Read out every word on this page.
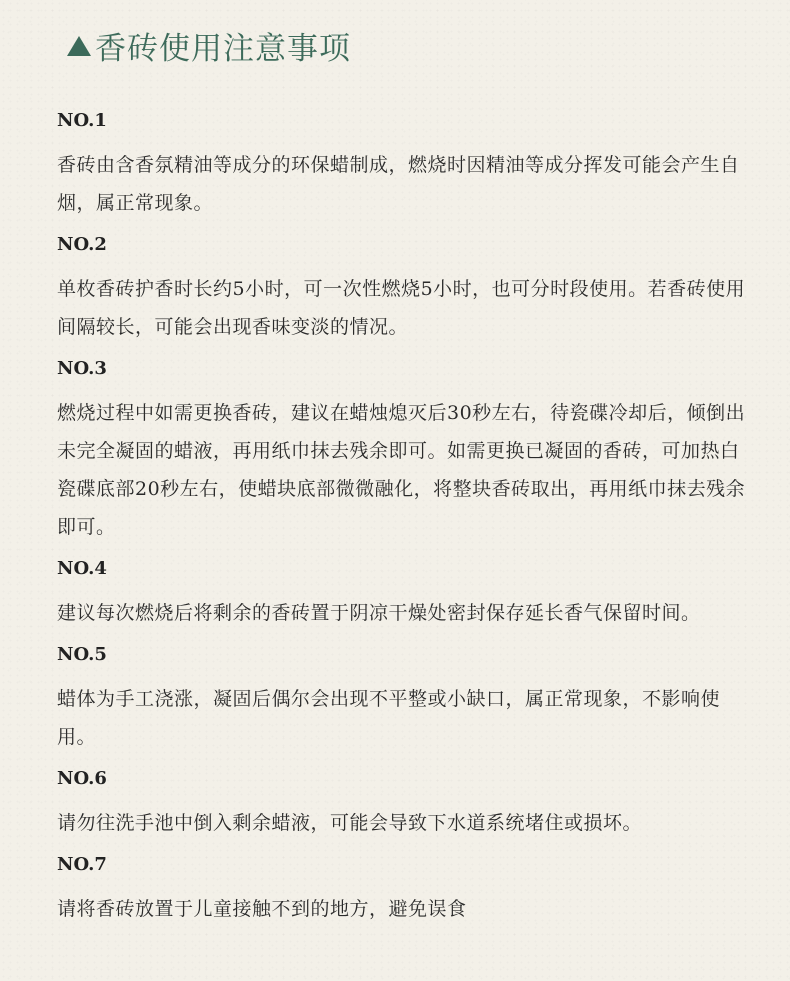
香砖使用注意事项
NO.1
香砖由含香氛精油等成分的环保蜡制成，燃烧时因精油等成分挥发可能会产生自烟，属正常现象。
NO.2
单枚香砖护香时长约5小时，可一次性燃烧5小时，也可分时段使用。若香砖使用间隔较长，可能会出现香味变淡的情况。
NO.3
燃烧过程中如需更换香砖，建议在蜡烛熄灭后30秒左右，待瓷碟冷却后，倾倒出未完全凝固的蜡液，再用纸巾抹去残余即可。如需更换已凝固的香砖，可加热白瓷碟底部20秒左右，使蜡块底部微微融化，将整块香砖取出，再用纸巾抹去残余即可。
NO.4
建议每次燃烧后将剩余的香砖置于阴凉干燥处密封保存延长香气保留时间。
NO.5
蜡体为手工浇涨，凝固后偶尔会出现不平整或小缺口，属正常现象，不影响使用。
NO.6
请勿往洗手池中倒入剩余蜡液，可能会导致下水道系统堵住或损坏。
NO.7
请将香砖放置于儿童接触不到的地方，避免误食
